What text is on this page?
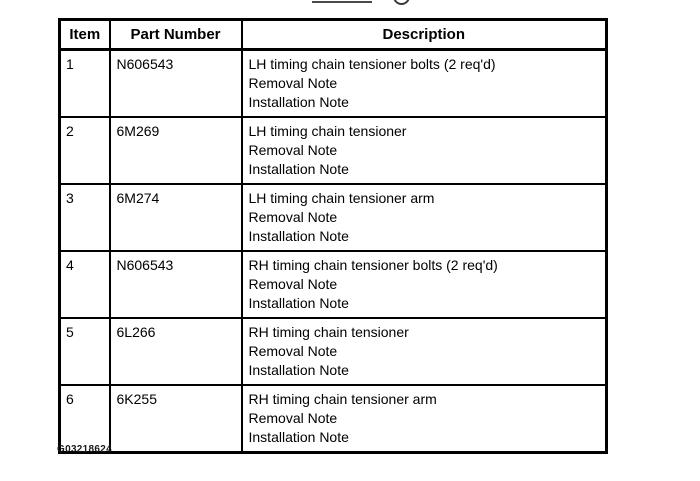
Item	Part Number	Description
1	N606543	LH timing chain tensioner bolts (2 req'd)
Removal Note
Installation Note

2	6M269	LH timing chain tensioner
Removal Note
Installation Note

3	6M274	LH timing chain tensioner arm
Removal Note
Installation Note

4	N606543	RH timing chain tensioner bolts (2 req'd)
Removal Note
Installation Note

5	6L266	RH timing chain tensioner
Removal Note
Installation Note

6	6K255	RH timing chain tensioner arm
Removal Note
Installation Note
G03218624
